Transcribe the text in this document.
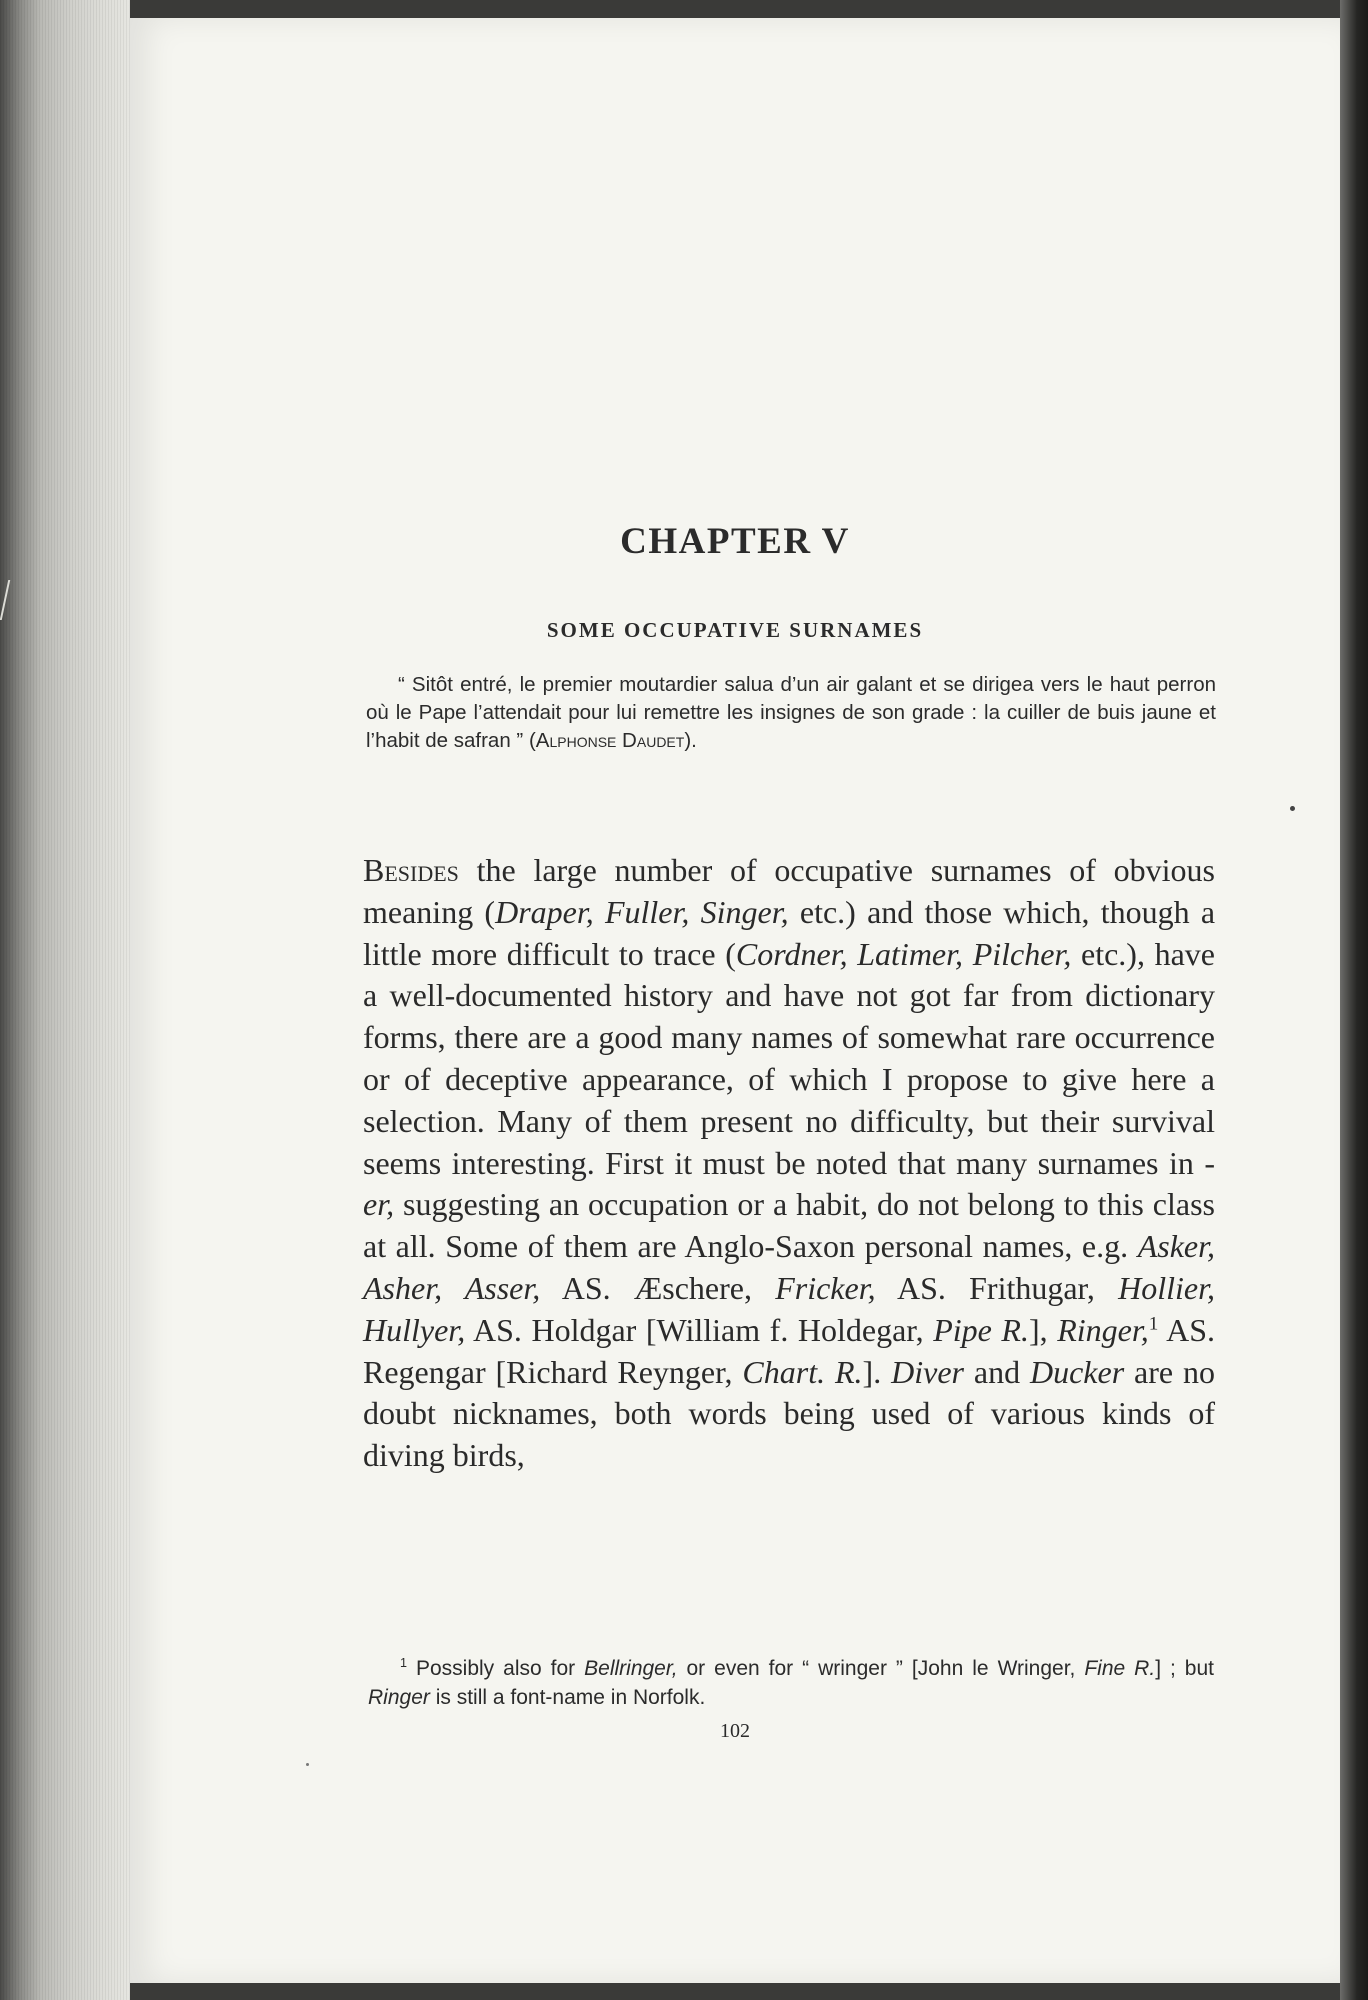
CHAPTER V
SOME OCCUPATIVE SURNAMES

“ Sitôt entré, le premier moutardier salua d’un air galant et se dirigea vers le haut perron où le Pape l’attendait pour lui remettre les insignes de son grade : la cuiller de buis jaune et l’habit de safran ” (Alphonse Daudet).

Besides the large number of occupative surnames of obvious meaning (Draper, Fuller, Singer, etc.) and those which, though a little more difficult to trace (Cordner, Latimer, Pilcher, etc.), have a well-documented history and have not got far from dictionary forms, there are a good many names of somewhat rare occurrence or of deceptive appearance, of which I propose to give here a selection. Many of them present no difficulty, but their survival seems interesting. First it must be noted that many surnames in -er, suggesting an occupation or a habit, do not belong to this class at all. Some of them are Anglo-Saxon personal names, e.g. Asker, Asher, Asser, AS. Æschere, Fricker, AS. Frithugar, Hollier, Hullyer, AS. Holdgar [William f. Holdegar, Pipe R.], Ringer,$^1$ AS. Regengar [Richard Reynger, Chart. R.]. Diver and Ducker are no doubt nicknames, both words being used of various kinds of diving birds,

$^1$ Possibly also for Bellringer, or even for “ wringer ” [John le Wringer, Fine R.] ; but Ringer is still a font-name in Norfolk.

102
